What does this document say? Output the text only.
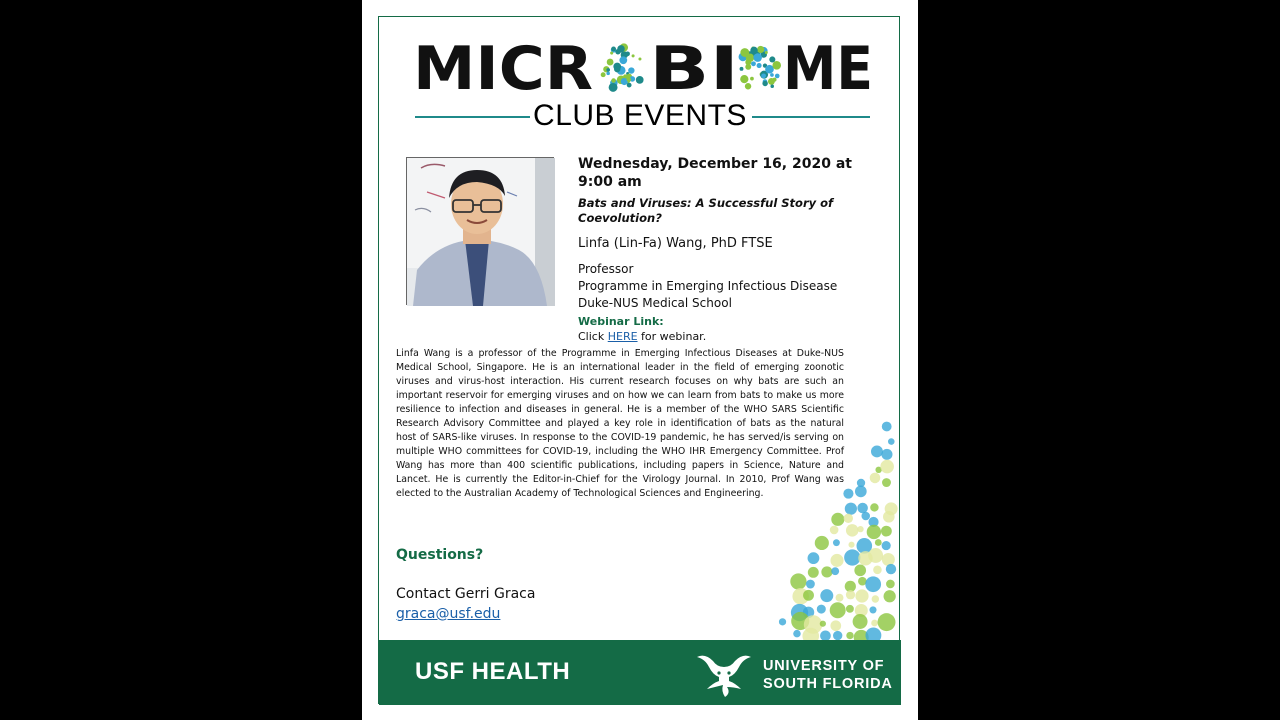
MICR BI ME
CLUB EVENTS
Wednesday, December 16, 2020 at 9:00 am
Bats and Viruses: A Successful Story of Coevolution?
Linfa (Lin-Fa) Wang, PhD FTSE
Professor
Programme in Emerging Infectious Disease
Duke-NUS Medical School
Webinar Link:
Click HERE for webinar.
Linfa Wang is a professor of the Programme in Emerging Infectious Diseases at Duke-NUS Medical School, Singapore. He is an international leader in the field of emerging zoonotic viruses and virus-host interaction. His current research focuses on why bats are such an important reservoir for emerging viruses and on how we can learn from bats to make us more resilience to infection and diseases in general. He is a member of the WHO SARS Scientific Research Advisory Committee and played a key role in identification of bats as the natural host of SARS-like viruses. In response to the COVID-19 pandemic, he has served/is serving on multiple WHO committees for COVID-19, including the WHO IHR Emergency Committee. Prof Wang has more than 400 scientific publications, including papers in Science, Nature and Lancet. He is currently the Editor-in-Chief for the Virology Journal. In 2010, Prof Wang was elected to the Australian Academy of Technological Sciences and Engineering.
Questions?
Contact Gerri Graca
graca@usf.edu
USF HEALTH	UNIVERSITY OF
SOUTH FLORIDA
